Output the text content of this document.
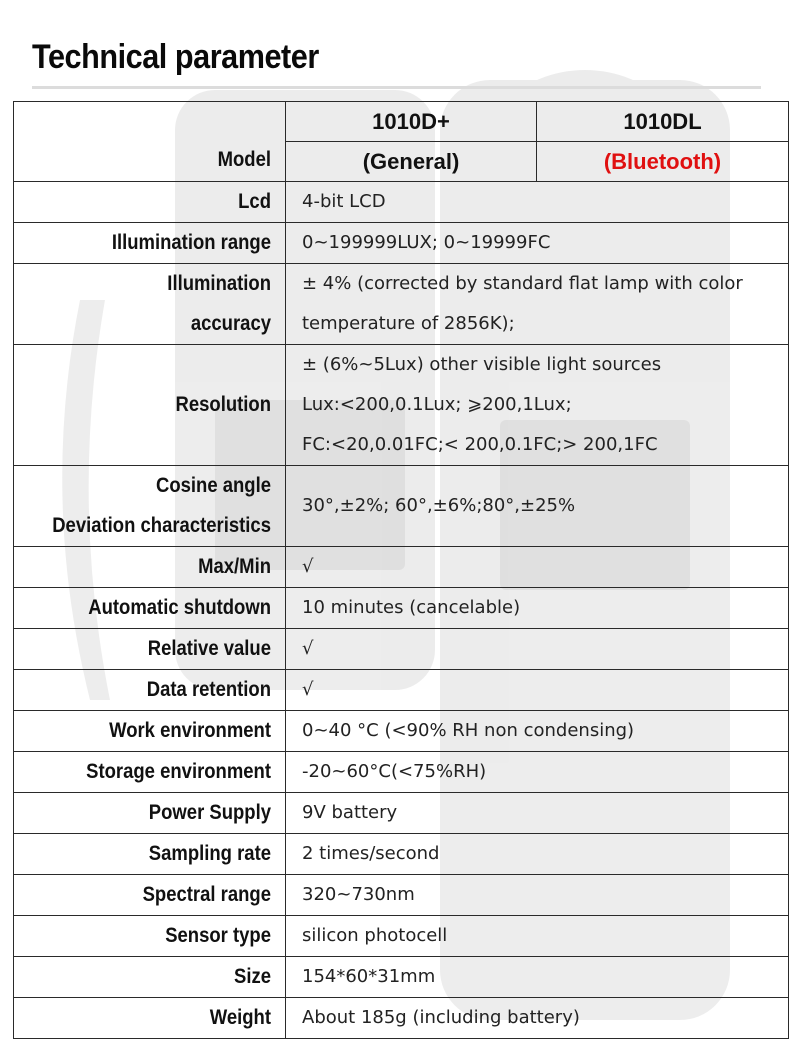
Technical parameter
Model	1010D+	1010DL
	(General)	(Bluetooth)

Lcd	4-bit LCD	

Illumination range	0~199999LUX; 0~19999FC	

Illumination
accuracy	± 4% (corrected by standard flat lamp with color
temperature of 2856K);	

Resolution	± (6%~5Lux) other visible light sources
Lux:<200,0.1Lux; ⩾200,1Lux;
FC:<20,0.01FC;< 200,0.1FC;> 200,1FC	

Cosine angle
Deviation characteristics	30°,±2%; 60°,±6%;80°,±25%	

Max/Min	√	

Automatic shutdown	10 minutes (cancelable)	

Relative value	√	

Data retention	√	

Work environment	0~40 °C (<90% RH non condensing)	

Storage environment	-20~60°C(<75%RH)	

Power Supply	9V battery	

Sampling rate	2 times/second	

Spectral range	320~730nm	

Sensor type	silicon photocell	

Size	154*60*31mm	

Weight	About 185g (including battery)	
